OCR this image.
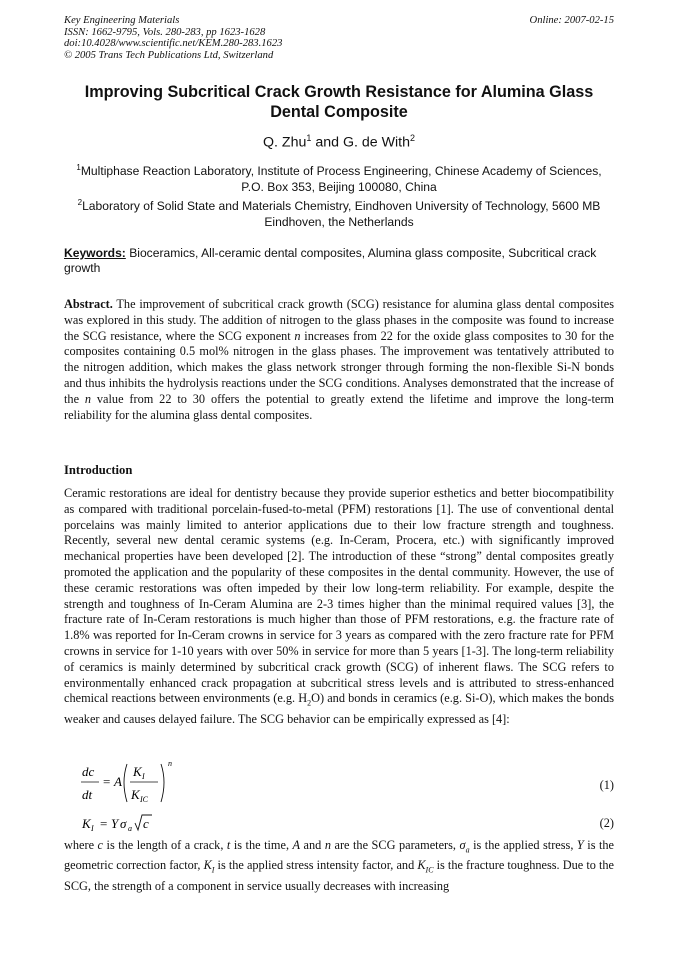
Key Engineering Materials
ISSN: 1662-9795, Vols. 280-283, pp 1623-1628
doi:10.4028/www.scientific.net/KEM.280-283.1623
© 2005 Trans Tech Publications Ltd, Switzerland
Online: 2007-02-15
Improving Subcritical Crack Growth Resistance for Alumina Glass
Dental Composite
Q. Zhu$^1$ and G. de With$^2$
$^1$Multiphase Reaction Laboratory, Institute of Process Engineering, Chinese Academy of Sciences, P.O. Box 353, Beijing 100080, China
$^2$Laboratory of Solid State and Materials Chemistry, Eindhoven University of Technology, 5600 MB Eindhoven, the Netherlands
Keywords: Bioceramics, All-ceramic dental composites, Alumina glass composite, Subcritical crack growth
Abstract. The improvement of subcritical crack growth (SCG) resistance for alumina glass dental composites was explored in this study. The addition of nitrogen to the glass phases in the composite was found to increase the SCG resistance, where the SCG exponent n increases from 22 for the oxide glass composites to 30 for the composites containing 0.5 mol% nitrogen in the glass phases. The improvement was tentatively attributed to the nitrogen addition, which makes the glass network stronger through forming the non-flexible Si-N bonds and thus inhibits the hydrolysis reactions under the SCG conditions. Analyses demonstrated that the increase of the n value from 22 to 30 offers the potential to greatly extend the lifetime and improve the long-term reliability for the alumina glass dental composites.
Introduction
Ceramic restorations are ideal for dentistry because they provide superior esthetics and better biocompatibility as compared with traditional porcelain-fused-to-metal (PFM) restorations [1]. The use of conventional dental porcelains was mainly limited to anterior applications due to their low fracture strength and toughness. Recently, several new dental ceramic systems (e.g. In-Ceram, Procera, etc.) with significantly improved mechanical properties have been developed [2]. The introduction of these “strong” dental composites greatly promoted the application and the popularity of these composites in the dental community. However, the use of these ceramic restorations was often impeded by their low long-term reliability. For example, despite the strength and toughness of In-Ceram Alumina are 2-3 times higher than the minimal required values [3], the fracture rate of In-Ceram restorations is much higher than those of PFM restorations, e.g. the fracture rate of 1.8% was reported for In-Ceram crowns in service for 3 years as compared with the zero fracture rate for PFM crowns in service for 1-10 years with over 50% in service for more than 5 years [1-3]. The long-term reliability of ceramics is mainly determined by subcritical crack growth (SCG) of inherent flaws. The SCG refers to environmentally enhanced crack propagation at subcritical stress levels and is attributed to stress-enhanced chemical reactions between environments (e.g. $H_2O$) and bonds in ceramics (e.g. Si-O), which makes the bonds weaker and causes delayed failure. The SCG behavior can be empirically expressed as [4]:
dc
dt
= A
K I
K IC
n
(1)
K I = Y σ a c	(2)
where c is the length of a crack, t is the time, A and n are the SCG parameters, $\sigma_a$ is the applied stress, Y is the geometric correction factor, $K_I$ is the applied stress intensity factor, and $K_{IC}$ is the fracture toughness. Due to the SCG, the strength of a component in service usually decreases with increasing
